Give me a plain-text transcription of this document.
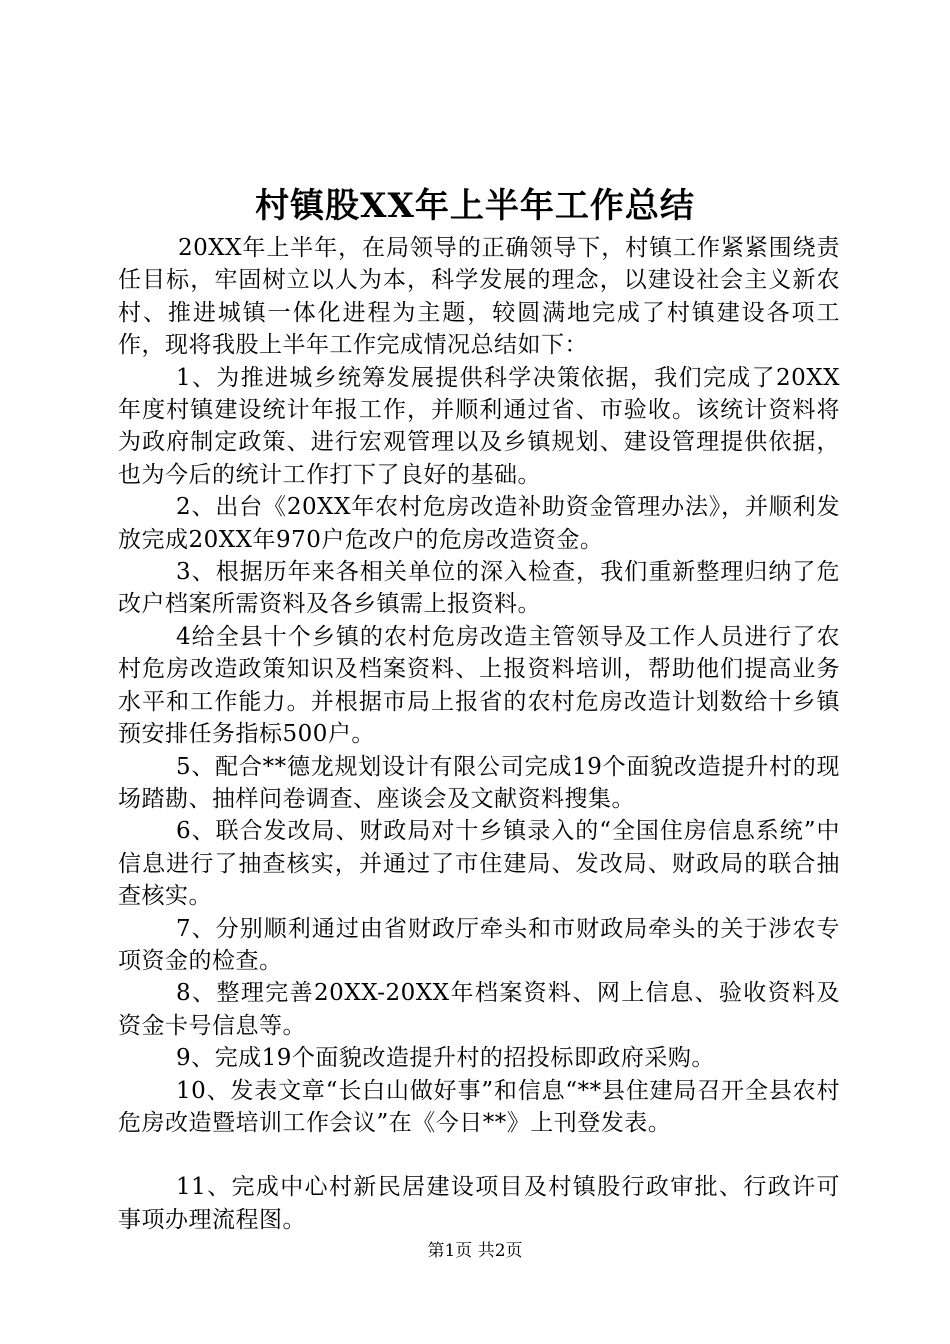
村镇股XX年上半年工作总结

20XX年上半年，在局领导的正确领导下，村镇工作紧紧围绕责任目标，牢固树立以人为本，科学发展的理念，以建设社会主义新农村、推进城镇一体化进程为主题，较圆满地完成了村镇建设各项工作，现将我股上半年工作完成情况总结如下：

1、为推进城乡统筹发展提供科学决策依据，我们完成了20XX年度村镇建设统计年报工作，并顺利通过省、市验收。该统计资料将为政府制定政策、进行宏观管理以及乡镇规划、建设管理提供依据，也为今后的统计工作打下了良好的基础。

2、出台《20XX年农村危房改造补助资金管理办法》，并顺利发放完成20XX年970户危改户的危房改造资金。

3、根据历年来各相关单位的深入检查，我们重新整理归纳了危改户档案所需资料及各乡镇需上报资料。

4给全县十个乡镇的农村危房改造主管领导及工作人员进行了农村危房改造政策知识及档案资料、上报资料培训，帮助他们提高业务水平和工作能力。并根据市局上报省的农村危房改造计划数给十乡镇预安排任务指标500户。

5、配合**德龙规划设计有限公司完成19个面貌改造提升村的现场踏勘、抽样问卷调查、座谈会及文献资料搜集。

6、联合发改局、财政局对十乡镇录入的“全国住房信息系统”中信息进行了抽查核实，并通过了市住建局、发改局、财政局的联合抽查核实。

7、分别顺利通过由省财政厅牵头和市财政局牵头的关于涉农专项资金的检查。

8、整理完善20XX-20XX年档案资料、网上信息、验收资料及资金卡号信息等。

9、完成19个面貌改造提升村的招投标即政府采购。

10、发表文章“长白山做好事”和信息“**县住建局召开全县农村危房改造暨培训工作会议”在《今日**》上刊登发表。

11、完成中心村新民居建设项目及村镇股行政审批、行政许可事项办理流程图。

第1页 共2页
